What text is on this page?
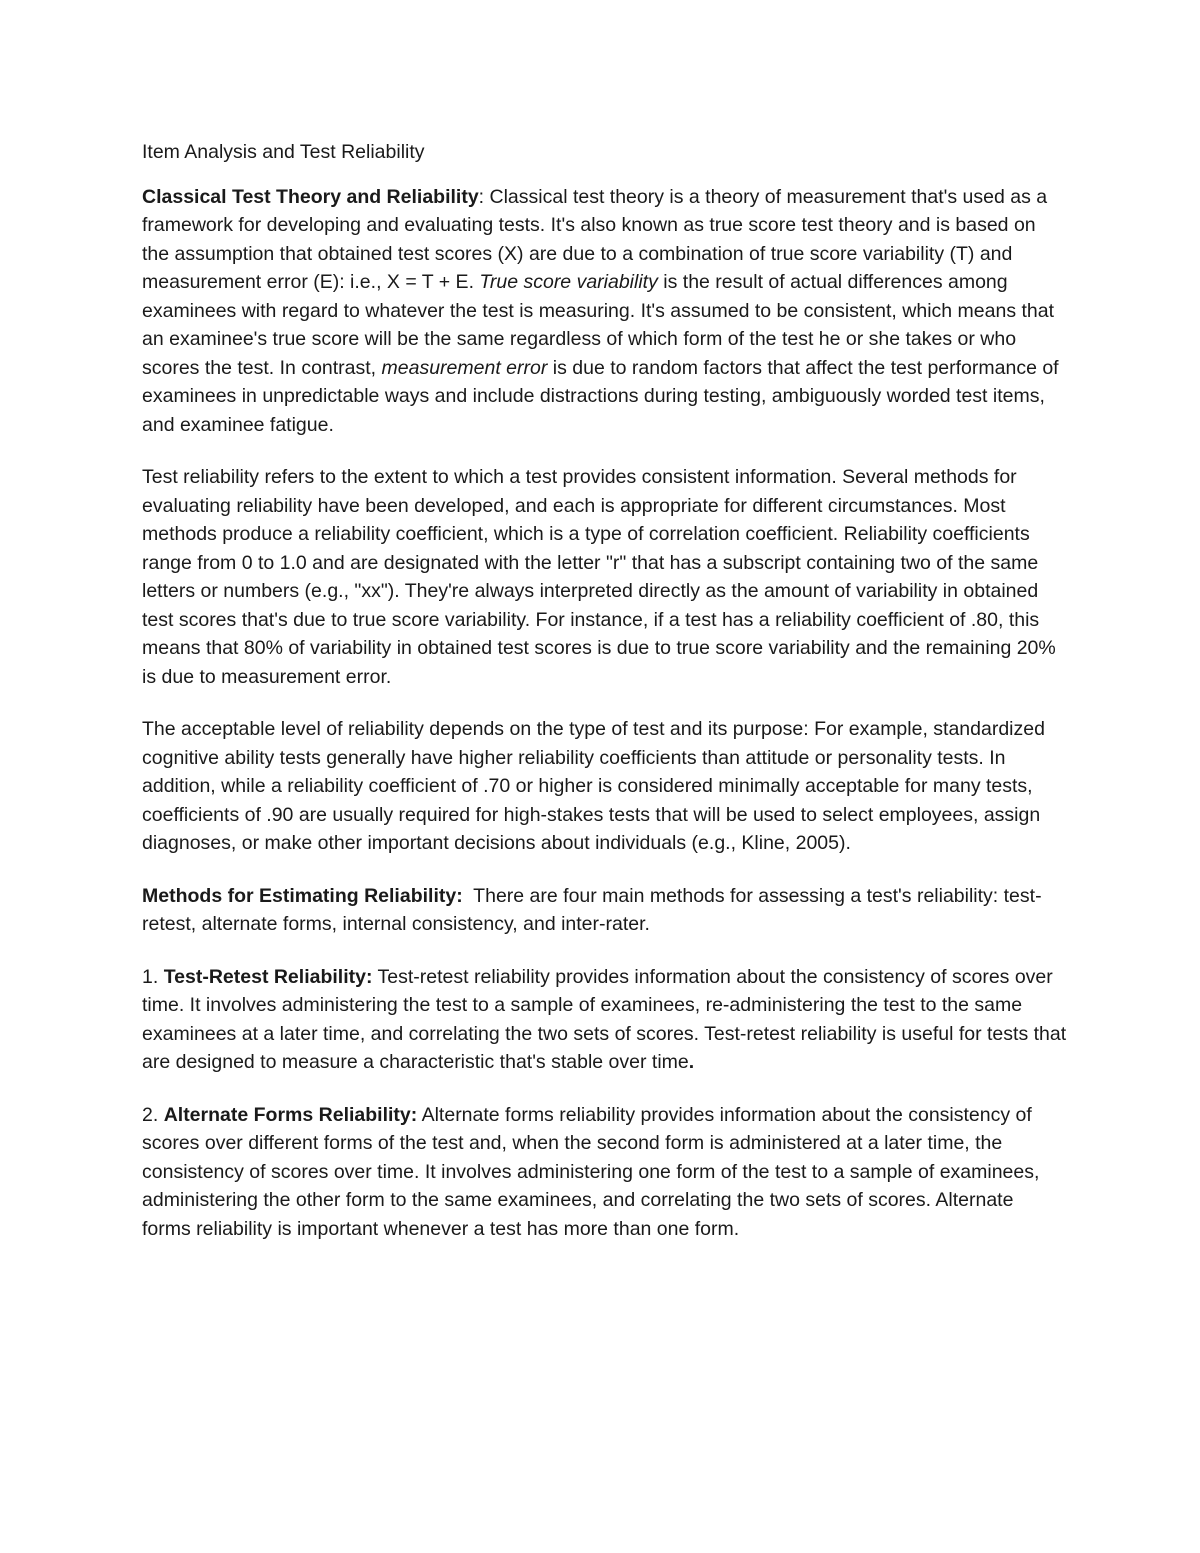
Item Analysis and Test Reliability

Classical Test Theory and Reliability: Classical test theory is a theory of measurement that's used as a framework for developing and evaluating tests. It's also known as true score test theory and is based on the assumption that obtained test scores (X) are due to a combination of true score variability (T) and measurement error (E): i.e., X = T + E. True score variability is the result of actual differences among examinees with regard to whatever the test is measuring. It's assumed to be consistent, which means that an examinee's true score will be the same regardless of which form of the test he or she takes or who scores the test. In contrast, measurement error is due to random factors that affect the test performance of examinees in unpredictable ways and include distractions during testing, ambiguously worded test items, and examinee fatigue.

Test reliability refers to the extent to which a test provides consistent information. Several methods for evaluating reliability have been developed, and each is appropriate for different circumstances. Most methods produce a reliability coefficient, which is a type of correlation coefficient. Reliability coefficients range from 0 to 1.0 and are designated with the letter "r" that has a subscript containing two of the same letters or numbers (e.g., "xx"). They're always interpreted directly as the amount of variability in obtained test scores that's due to true score variability. For instance, if a test has a reliability coefficient of .80, this means that 80% of variability in obtained test scores is due to true score variability and the remaining 20% is due to measurement error.

The acceptable level of reliability depends on the type of test and its purpose: For example, standardized cognitive ability tests generally have higher reliability coefficients than attitude or personality tests. In addition, while a reliability coefficient of .70 or higher is considered minimally acceptable for many tests, coefficients of .90 are usually required for high-stakes tests that will be used to select employees, assign diagnoses, or make other important decisions about individuals (e.g., Kline, 2005).

Methods for Estimating Reliability:  There are four main methods for assessing a test's reliability: test-retest, alternate forms, internal consistency, and inter-rater.

1. Test-Retest Reliability: Test-retest reliability provides information about the consistency of scores over time. It involves administering the test to a sample of examinees, re-administering the test to the same examinees at a later time, and correlating the two sets of scores. Test-retest reliability is useful for tests that are designed to measure a characteristic that's stable over time.

2. Alternate Forms Reliability: Alternate forms reliability provides information about the consistency of scores over different forms of the test and, when the second form is administered at a later time, the consistency of scores over time. It involves administering one form of the test to a sample of examinees, administering the other form to the same examinees, and correlating the two sets of scores. Alternate forms reliability is important whenever a test has more than one form.
